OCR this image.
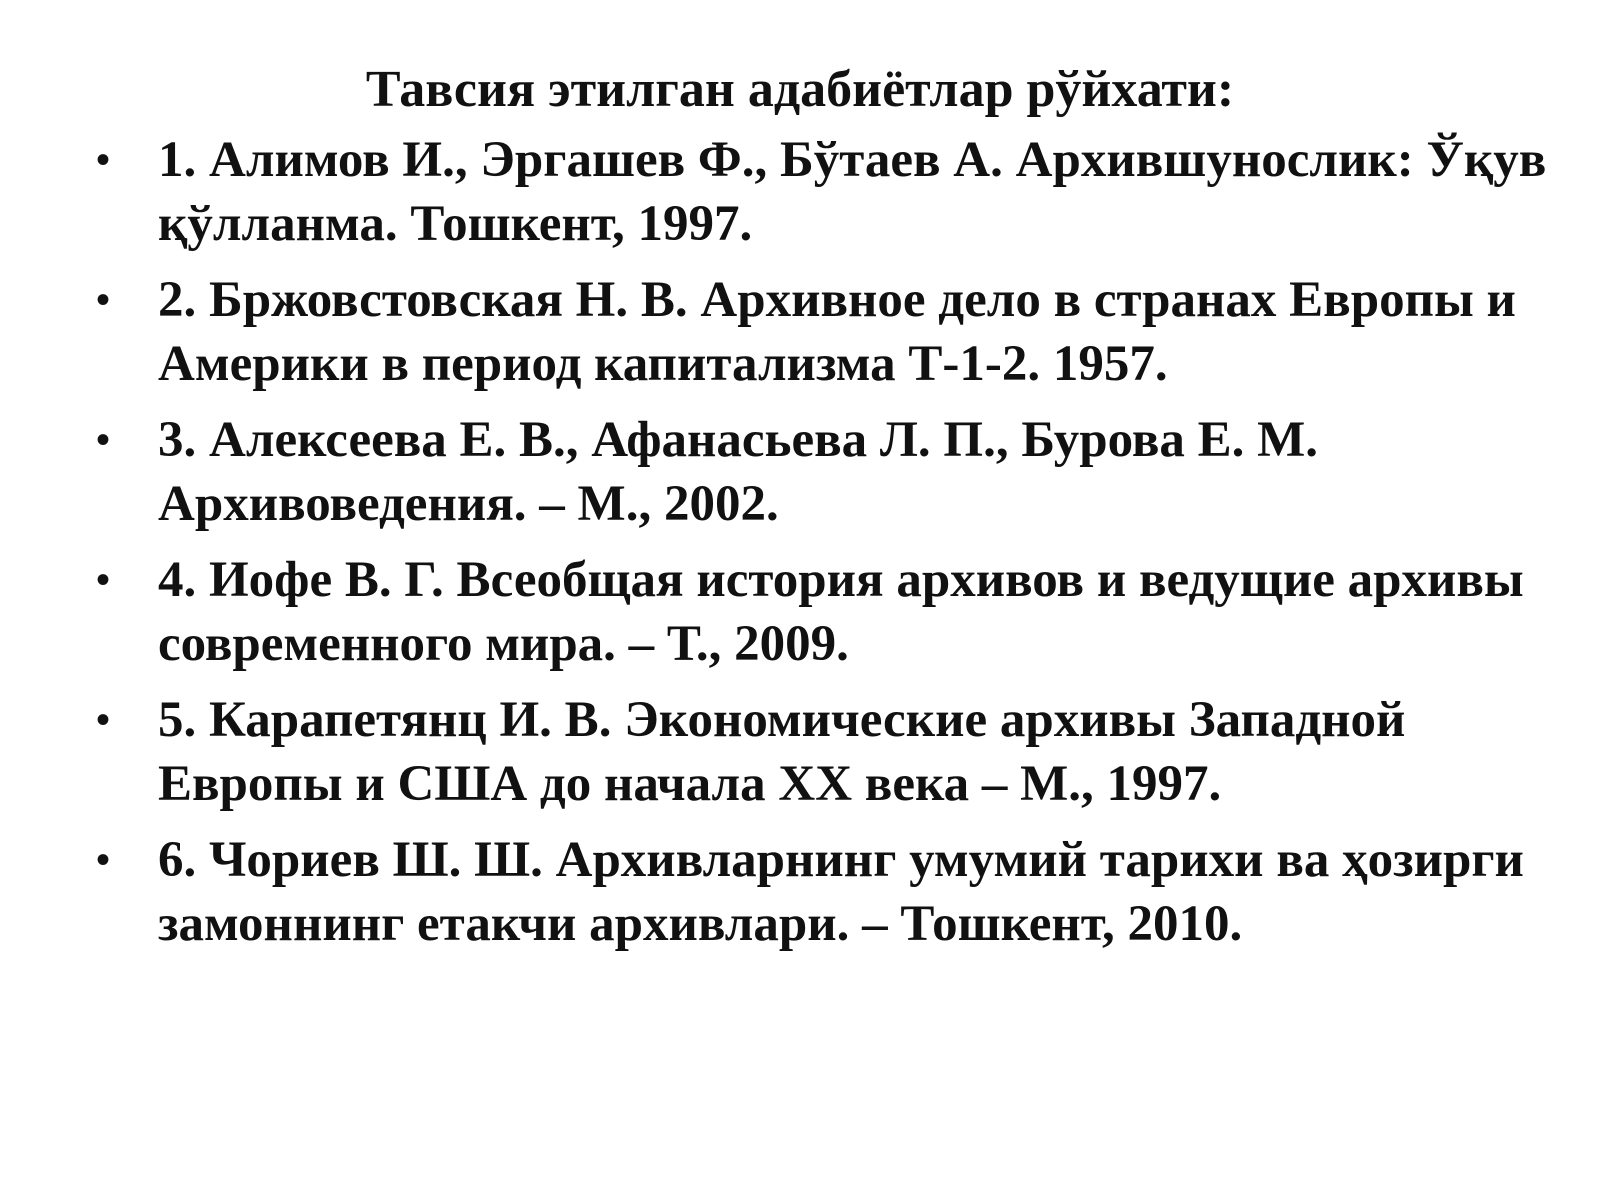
Тавсия этилган адабиётлар рўйхати:
• 1. Алимов И., Эргашев Ф., Бўтаев А. Архившунослик: Ўқув қўлланма. Тошкент, 1997.
• 2. Бржовстовская Н. В. Архивное дело в странах Европы и Америки в период капитализма Т-1-2. 1957.
• 3. Алексеева Е. В., Афанасьева Л. П., Бурова Е. М. Архивоведения. – М., 2002.
• 4. Иофе В. Г. Всеобщая история архивов и ведущие архивы современного мира. – Т., 2009.
• 5. Карапетянц И. В. Экономические архивы Западной Европы и США до начала ХХ века – М., 1997.
• 6. Чориев Ш. Ш. Архивларнинг умумий тарихи ва ҳозирги замоннинг етакчи архивлари. – Тошкент, 2010.
